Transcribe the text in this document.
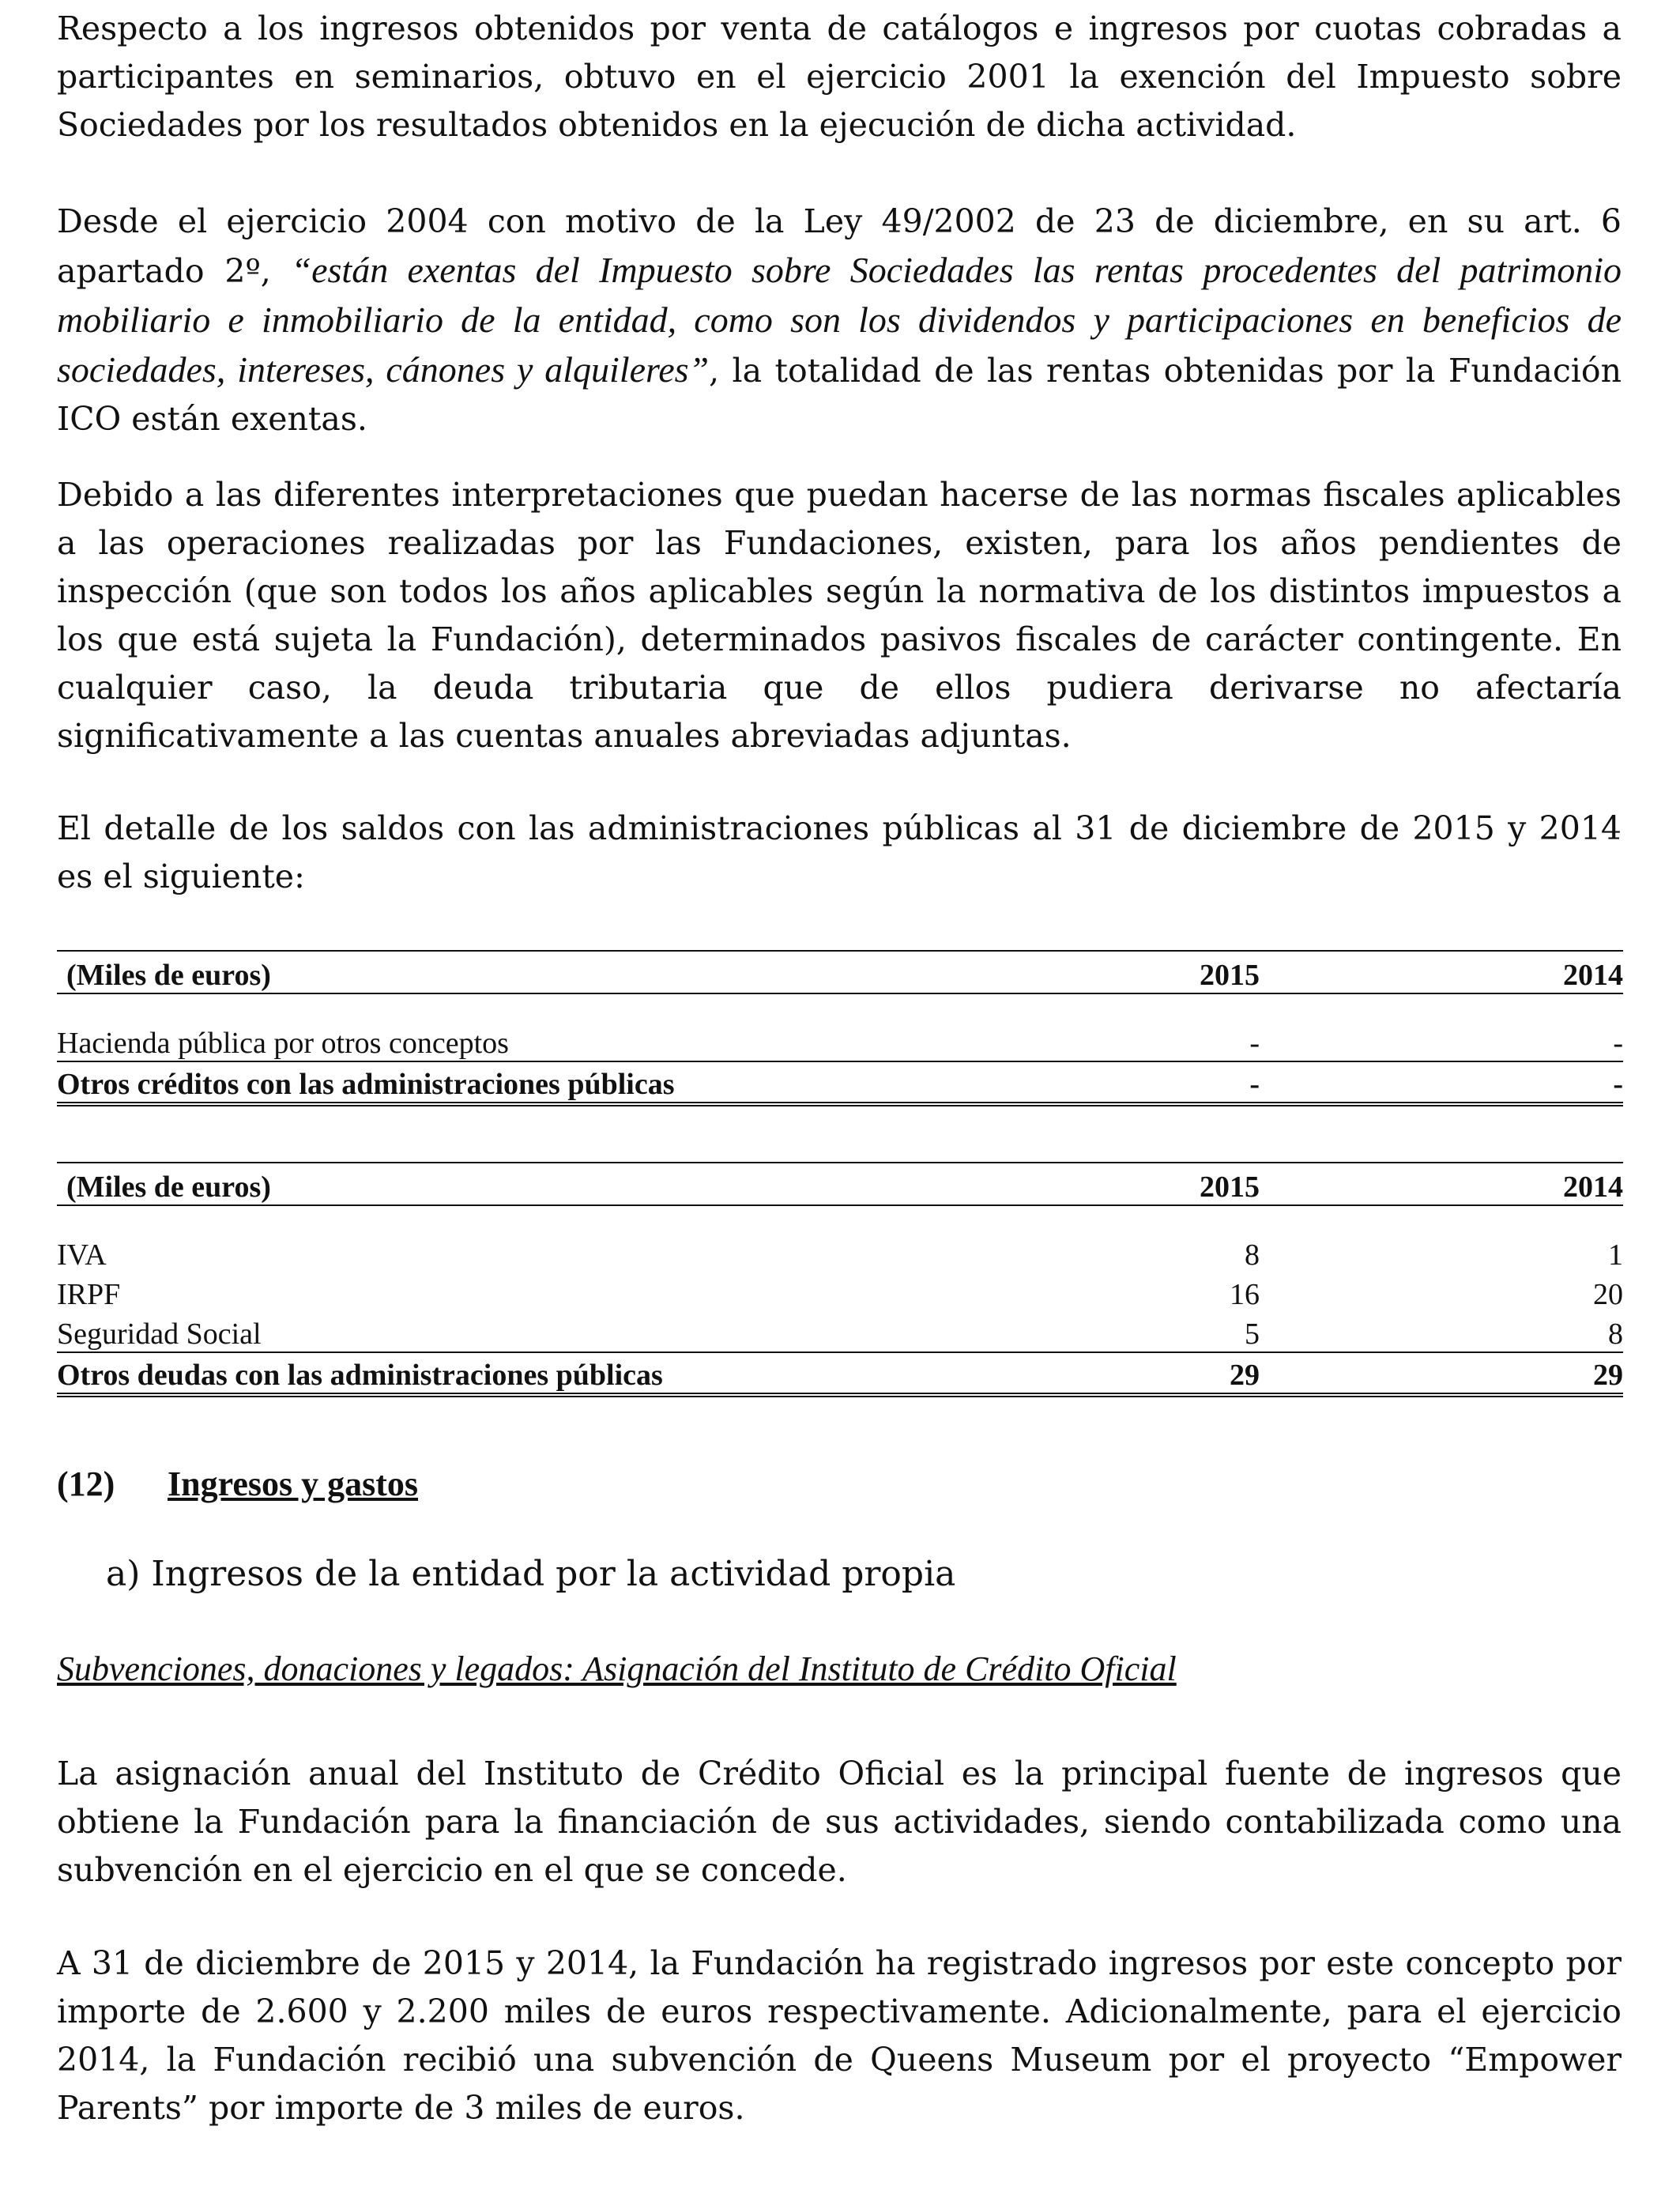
Respecto a los ingresos obtenidos por venta de catálogos e ingresos por cuotas cobradas a participantes en seminarios, obtuvo en el ejercicio 2001 la exención del Impuesto sobre Sociedades por los resultados obtenidos en la ejecución de dicha actividad.

Desde el ejercicio 2004 con motivo de la Ley 49/2002 de 23 de diciembre, en su art. 6 apartado 2º, “están exentas del Impuesto sobre Sociedades las rentas procedentes del patrimonio mobiliario e inmobiliario de la entidad, como son los dividendos y participaciones en beneficios de sociedades, intereses, cánones y alquileres”, la totalidad de las rentas obtenidas por la Fundación ICO están exentas.

Debido a las diferentes interpretaciones que puedan hacerse de las normas fiscales aplicables a las operaciones realizadas por las Fundaciones, existen, para los años pendientes de inspección (que son todos los años aplicables según la normativa de los distintos impuestos a los que está sujeta la Fundación), determinados pasivos fiscales de carácter contingente. En cualquier caso, la deuda tributaria que de ellos pudiera derivarse no afectaría significativamente a las cuentas anuales abreviadas adjuntas.

El detalle de los saldos con las administraciones públicas al 31 de diciembre de 2015 y 2014 es el siguiente:

(Miles de euros)	2015	2014

Hacienda pública por otros conceptos	-	-
Otros créditos con las administraciones públicas	-	-
(Miles de euros)	2015	2014

IVA	8	1
IRPF	16	20
Seguridad Social	5	8
Otros deudas con las administraciones públicas	29	29
(12) Ingresos y gastos
a) Ingresos de la entidad por la actividad propia
Subvenciones, donaciones y legados: Asignación del Instituto de Crédito Oficial

La asignación anual del Instituto de Crédito Oficial es la principal fuente de ingresos que obtiene la Fundación para la financiación de sus actividades, siendo contabilizada como una subvención en el ejercicio en el que se concede.

A 31 de diciembre de 2015 y 2014, la Fundación ha registrado ingresos por este concepto por importe de 2.600 y 2.200 miles de euros respectivamente. Adicionalmente, para el ejercicio 2014, la Fundación recibió una subvención de Queens Museum por el proyecto “Empower Parents” por importe de 3 miles de euros.
